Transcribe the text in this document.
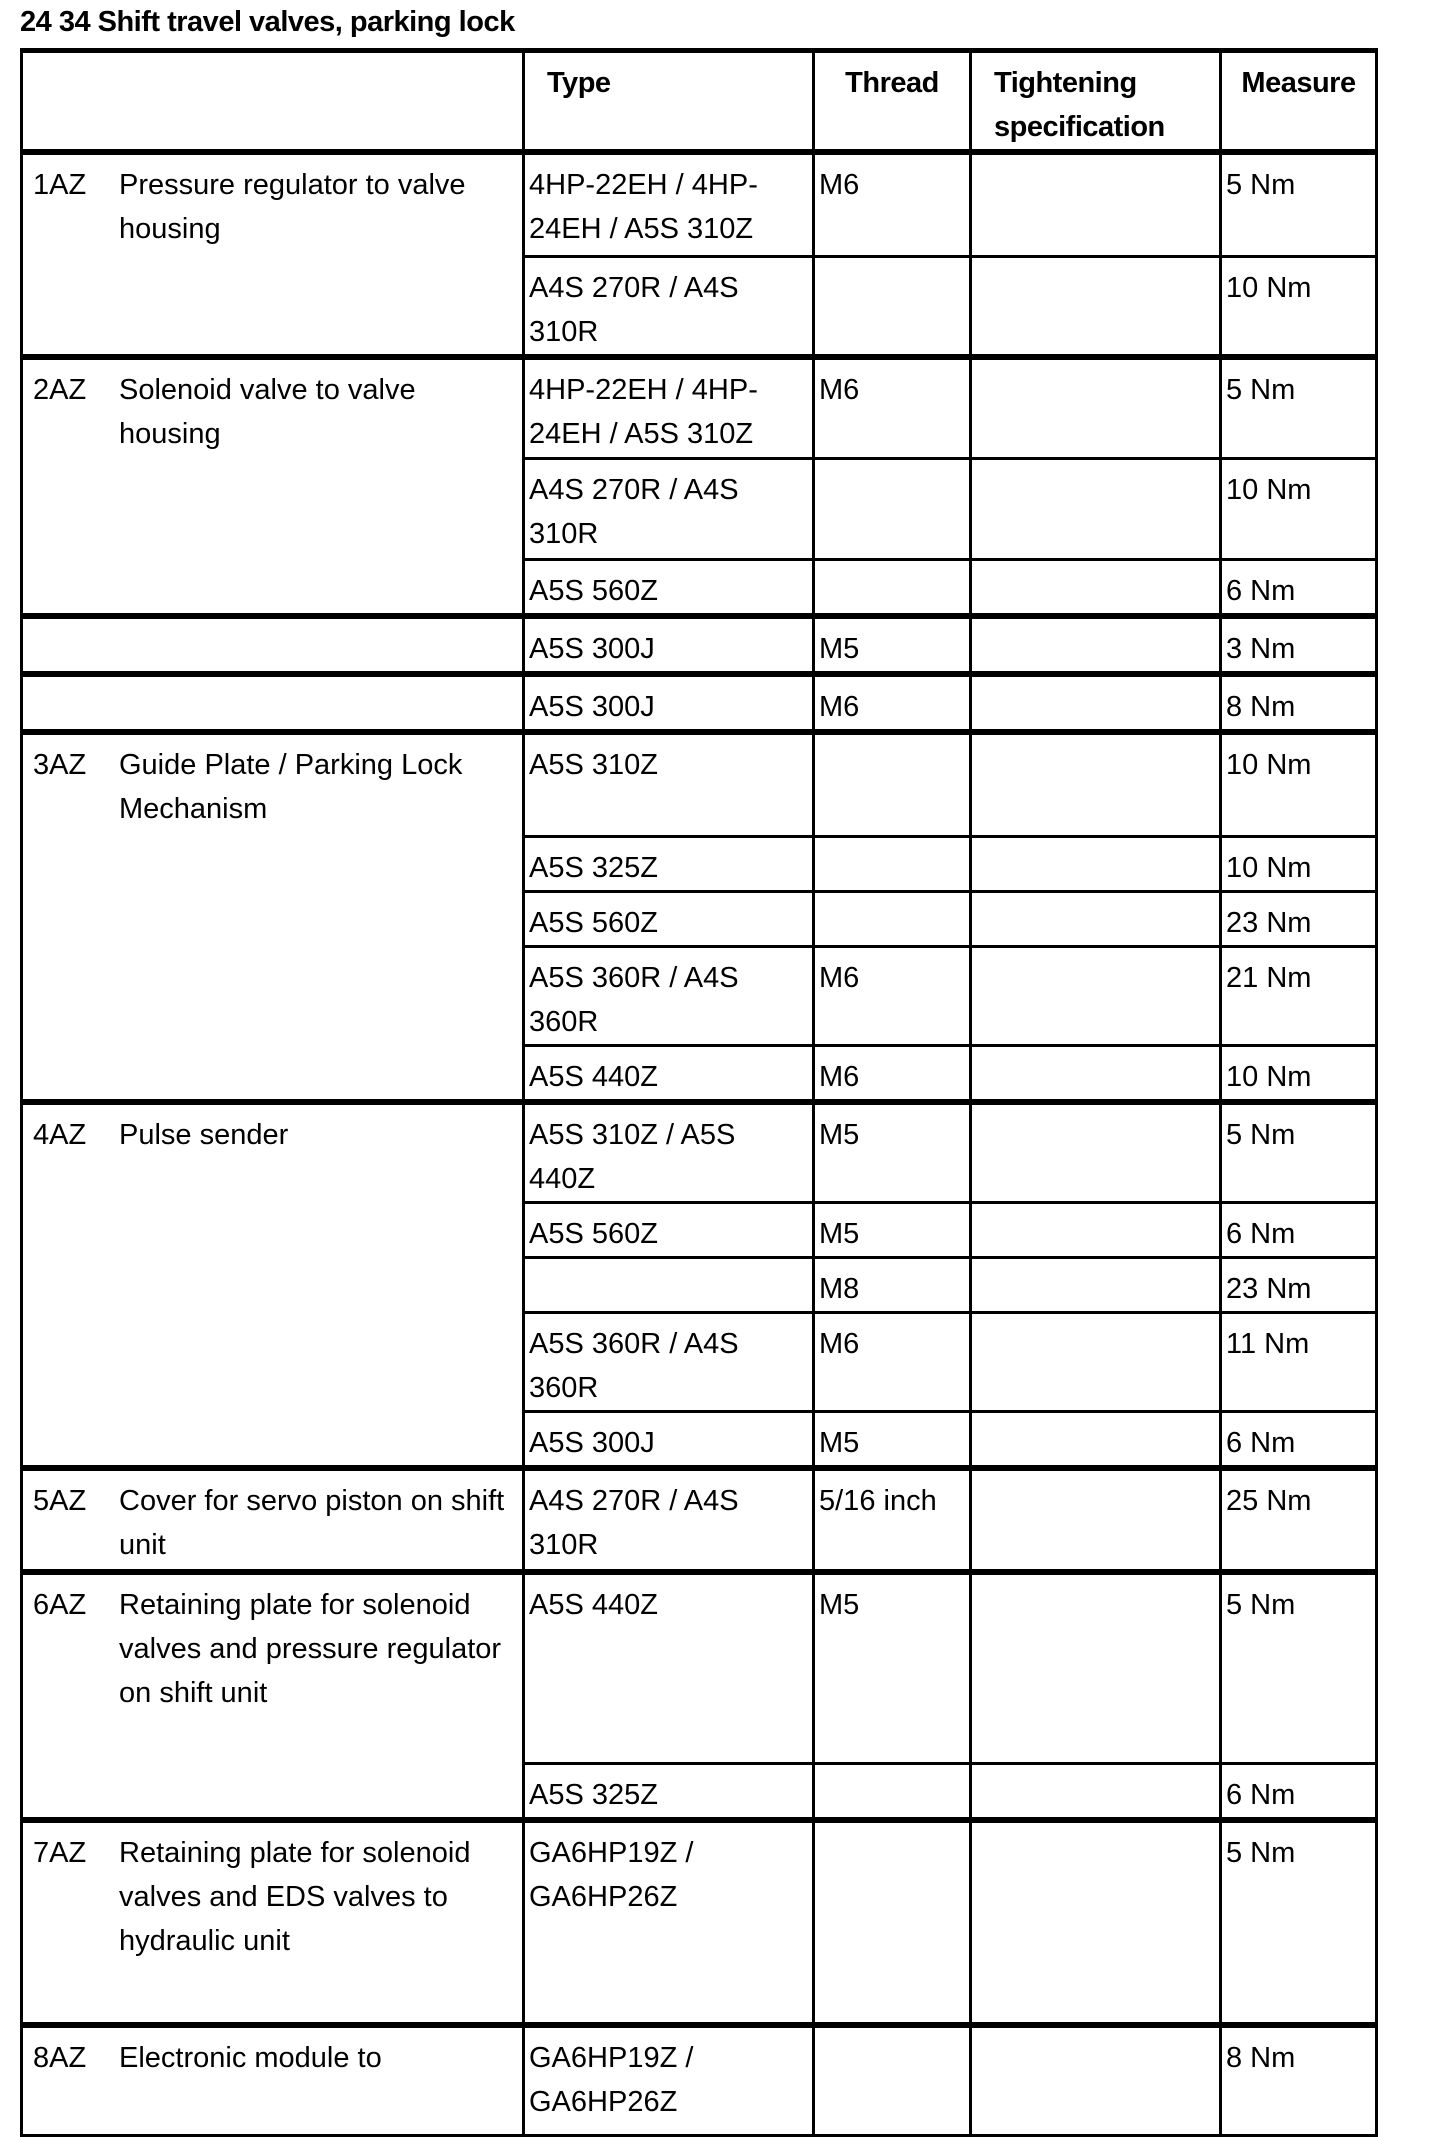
24 34 Shift travel valves, parking lock
	Type	Thread	Tightening specification	Measure
1AZ Pressure regulator to valve housing	4HP-22EH / 4HP-24EH / A5S 310Z	M6		5 Nm
	A4S 270R / A4S 310R			10 Nm
2AZ Solenoid valve to valve housing	4HP-22EH / 4HP-24EH / A5S 310Z	M6		5 Nm
	A4S 270R / A4S 310R			10 Nm
	A5S 560Z			6 Nm
	A5S 300J	M5		3 Nm
	A5S 300J	M6		8 Nm
3AZ Guide Plate / Parking Lock Mechanism	A5S 310Z			10 Nm
	A5S 325Z			10 Nm
	A5S 560Z			23 Nm
	A5S 360R / A4S 360R	M6		21 Nm
	A5S 440Z	M6		10 Nm
4AZ Pulse sender	A5S 310Z / A5S 440Z	M5		5 Nm
	A5S 560Z	M5		6 Nm
		M8		23 Nm
	A5S 360R / A4S 360R	M6		11 Nm
	A5S 300J	M5		6 Nm
5AZ Cover for servo piston on shift unit	A4S 270R / A4S 310R	5/16 inch		25 Nm
6AZ Retaining plate for solenoid valves and pressure regulator on shift unit	A5S 440Z	M5		5 Nm
	A5S 325Z			6 Nm
7AZ Retaining plate for solenoid valves and EDS valves to hydraulic unit	GA6HP19Z / GA6HP26Z			5 Nm
8AZ Electronic module to	GA6HP19Z / GA6HP26Z			8 Nm
